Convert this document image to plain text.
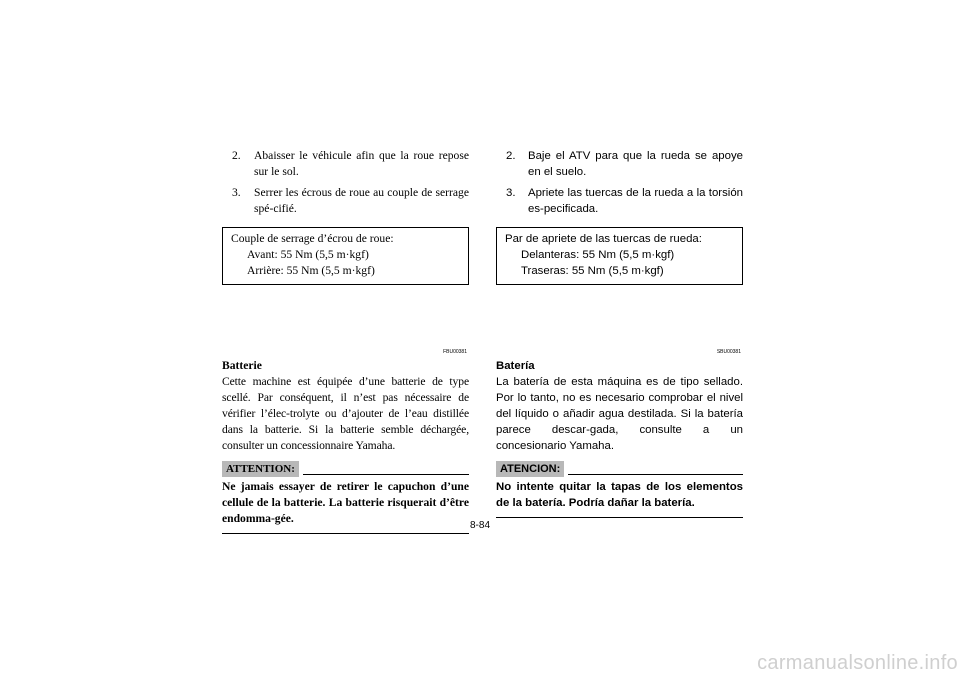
2.	Abaisser le véhicule afin que la roue repose sur le sol.
3.	Serrer les écrous de roue au couple de serrage spé-cifié.
Couple de serrage d’écrou de roue:
Avant: 55 Nm (5,5 m·kgf)
Arrière: 55 Nm (5,5 m·kgf)
FBU00381
Batterie
Cette machine est équipée d’une batterie de type scellé. Par conséquent, il n’est pas nécessaire de vérifier l’élec-trolyte ou d’ajouter de l’eau distillée dans la batterie. Si la batterie semble déchargée, consulter un concessionnaire Yamaha.
ATTENTION:
Ne jamais essayer de retirer le capuchon d’une cellule de la batterie. La batterie risquerait d’être endomma-gée.
2.	Baje el ATV para que la rueda se apoye en el suelo.
3.	Apriete las tuercas de la rueda a la torsión es-pecificada.
Par de apriete de las tuercas de rueda:
Delanteras: 55 Nm (5,5 m·kgf)
Traseras: 55 Nm (5,5 m·kgf)
SBU00381
Batería
La batería de esta máquina es de tipo sellado. Por lo tanto, no es necesario comprobar el nivel del líquido o añadir agua destilada. Si la batería parece descar-gada, consulte a un concesionario Yamaha.
ATENCION:
No intente quitar la tapas de los elementos de la batería. Podría dañar la batería.
8-84
carmanualsonline.info
